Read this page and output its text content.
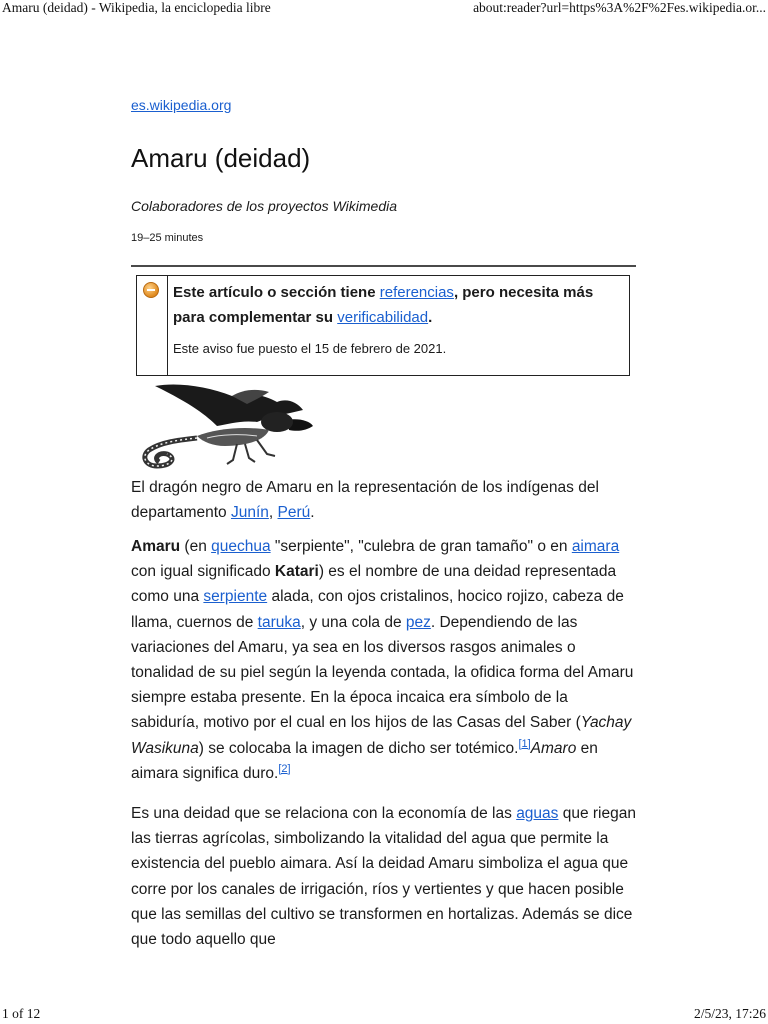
Amaru (deidad) - Wikipedia, la enciclopedia libre	about:reader?url=https%3A%2F%2Fes.wikipedia.or...
es.wikipedia.org
Amaru (deidad)
Colaboradores de los proyectos Wikimedia
19–25 minutes
Este artículo o sección tiene referencias, pero necesita más para complementar su verificabilidad.
Este aviso fue puesto el 15 de febrero de 2021.

El dragón negro de Amaru en la representación de los indígenas del departamento Junín, Perú.

Amaru (en quechua "serpiente", "culebra de gran tamaño" o en aimara con igual significado Katari) es el nombre de una deidad representada como una serpiente alada, con ojos cristalinos, hocico rojizo, cabeza de llama, cuernos de taruka, y una cola de pez. Dependiendo de las variaciones del Amaru, ya sea en los diversos rasgos animales o tonalidad de su piel según la leyenda contada, la ofidica forma del Amaru siempre estaba presente. En la época incaica era símbolo de la sabiduría, motivo por el cual en los hijos de las Casas del Saber (Yachay Wasikuna) se colocaba la imagen de dicho ser totémico.[1]Amaro en aimara significa duro.[2]

Es una deidad que se relaciona con la economía de las aguas que riegan las tierras agrícolas, simbolizando la vitalidad del agua que permite la existencia del pueblo aimara. Así la deidad Amaru simboliza el agua que corre por los canales de irrigación, ríos y vertientes y que hacen posible que las semillas del cultivo se transformen en hortalizas. Además se dice que todo aquello que

1 of 12	2/5/23, 17:26
